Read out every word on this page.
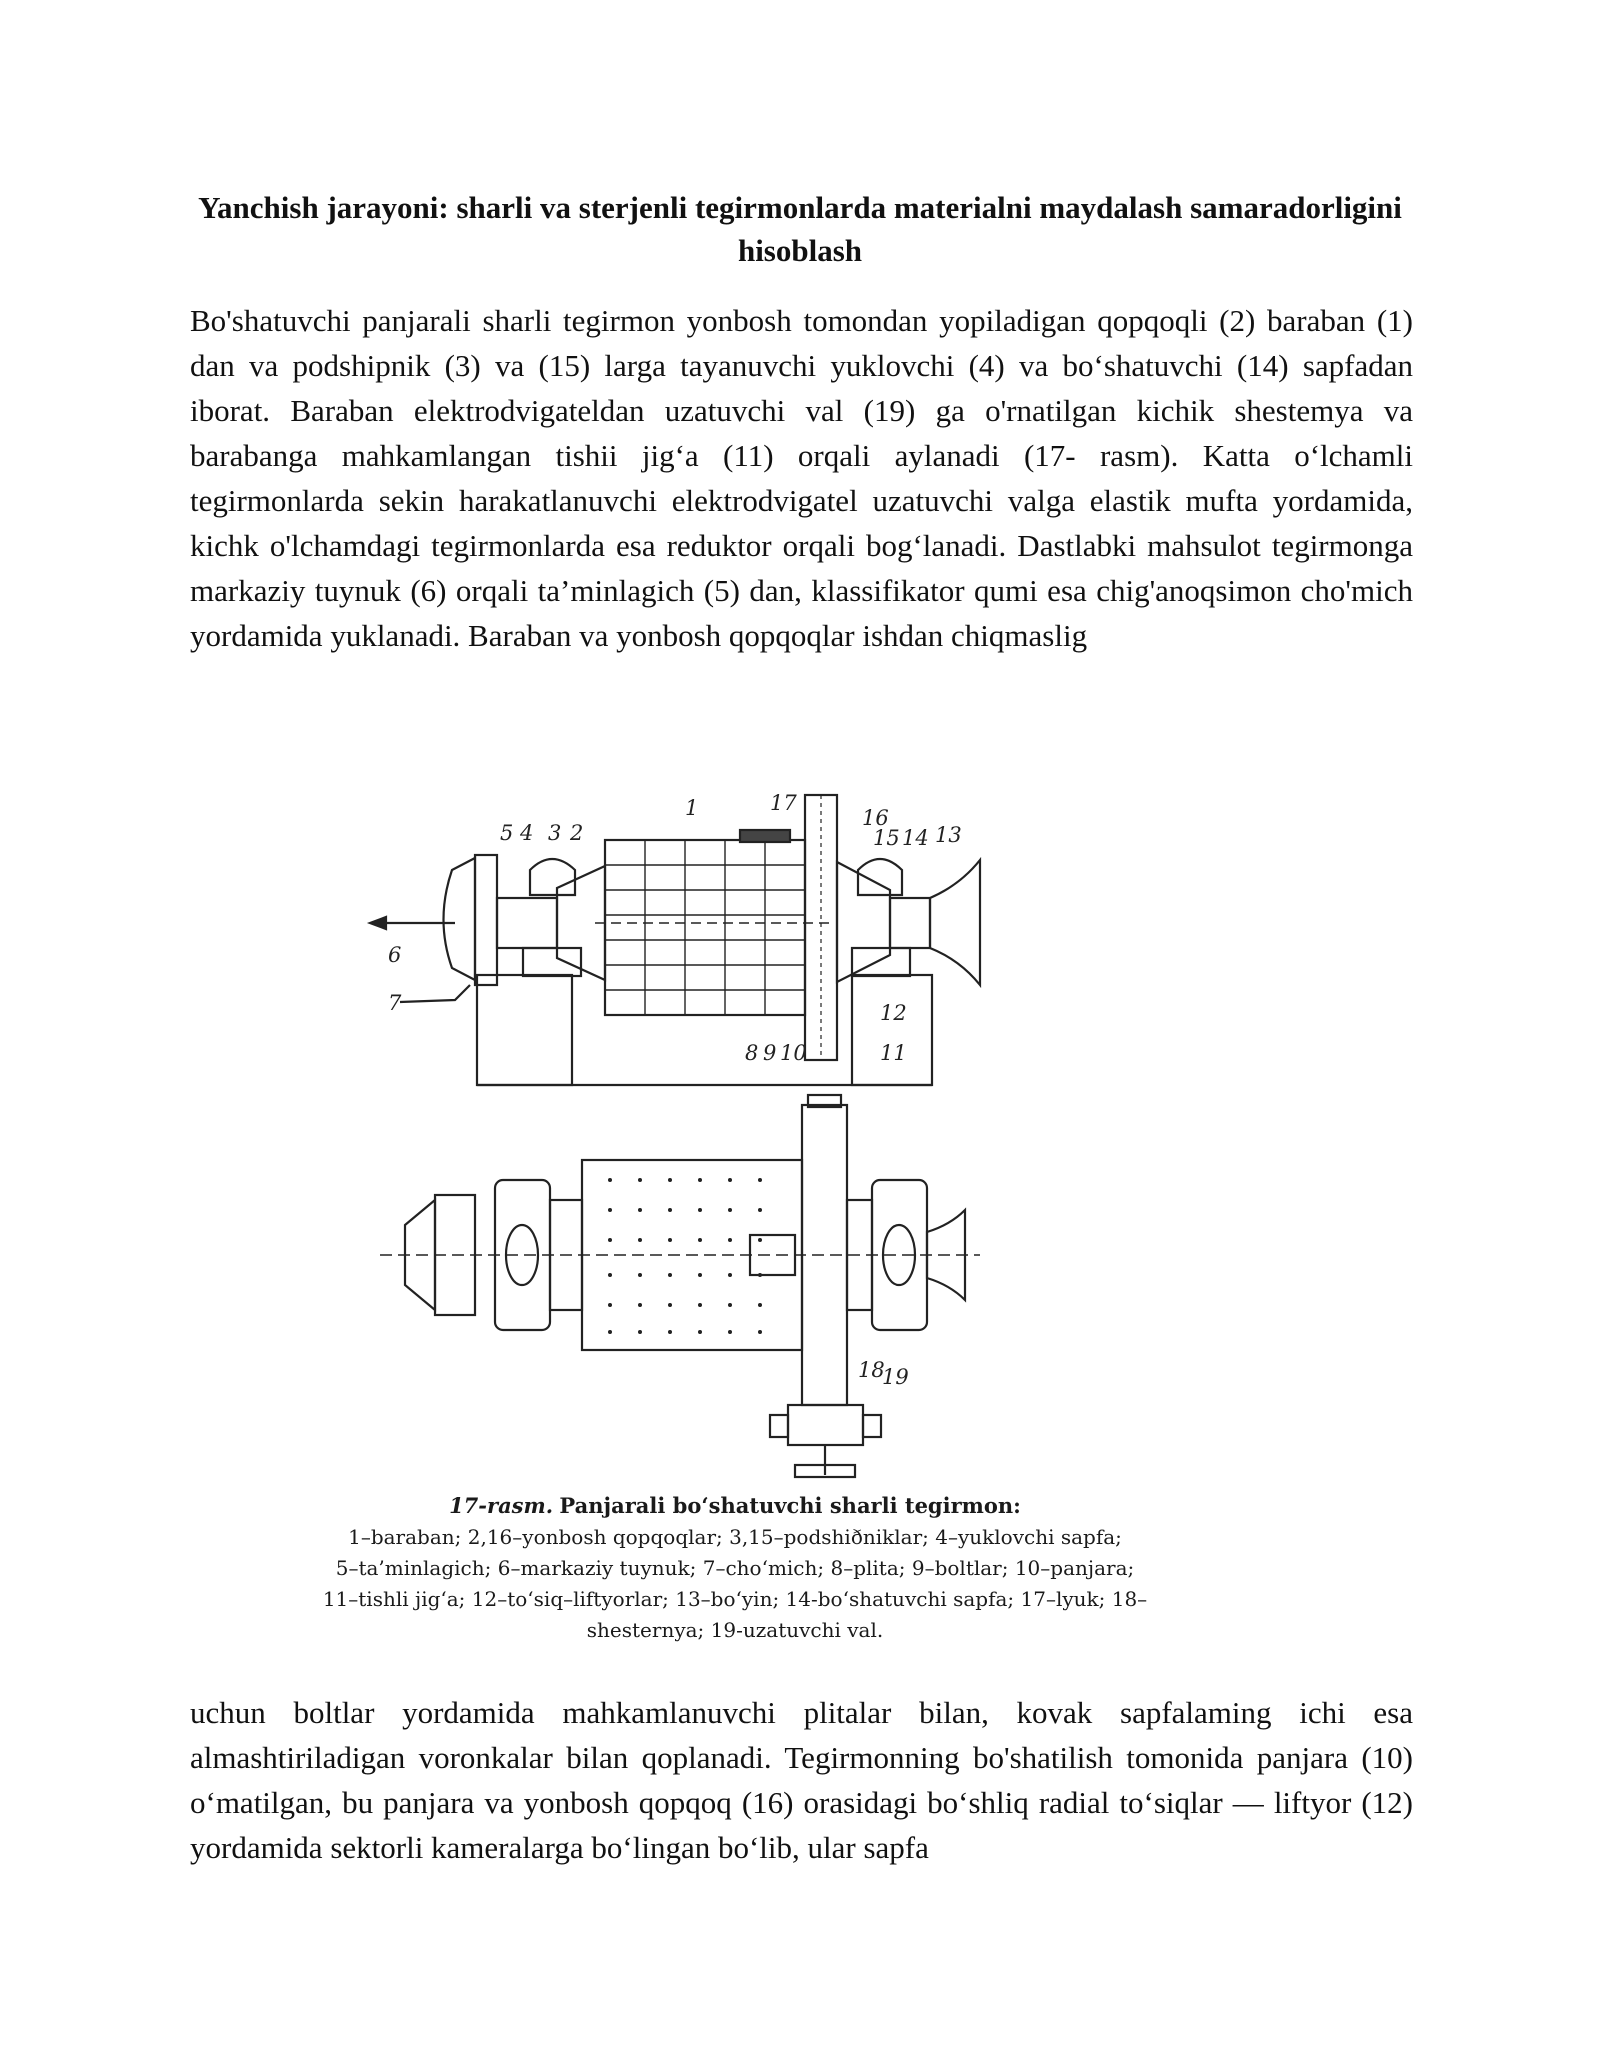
Yanchish jarayoni: sharli va sterjenli tegirmonlarda materialni maydalash samaradorligini hisoblash

Bo'shatuvchi panjarali sharli tegirmon yonbosh tomondan yopiladigan qopqoqli (2) baraban (1) dan va podshipnik (3) va (15) larga tayanuvchi yuklovchi (4) va bo‘shatuvchi (14) sapfadan iborat. Baraban elektrodvigateldan uzatuvchi val (19) ga o'rnatilgan kichik shestemya va barabanga mahkamlangan tishii jig‘a (11) orqali aylanadi (17- rasm). Katta o‘lchamli tegirmonlarda sekin harakatlanuvchi elektrodvigatel uzatuvchi valga elastik mufta yordamida, kichk o'lchamdagi tegirmonlarda esa reduktor orqali bog‘lanadi. Dastlabki mahsulot tegirmonga markaziy tuynuk (6) orqali ta’minlagich (5) dan, klassifikator qumi esa chig'anoqsimon cho'mich yordamida yuklanadi. Baraban va yonbosh qopqoqlar ishdan chiqmaslig

1	17
16
15 14 13
5 4 3 2
6
7	12
8 9 10	11
18
19
17-rasm. Panjarali bo‘shatuvchi sharli tegirmon:
1–baraban; 2,16–yonbosh qopqoqlar; 3,15–podshiðniklar; 4–yuklovchi sapfa;
5–ta’minlagich; 6–markaziy tuynuk; 7–cho‘mich; 8–plita; 9–boltlar; 10–panjara;
11–tishli jig‘a; 12–to‘siq–liftyorlar; 13–bo‘yin; 14-bo‘shatuvchi sapfa; 17–lyuk; 18–
shesternya; 19-uzatuvchi val.

uchun boltlar yordamida mahkamlanuvchi plitalar bilan, kovak sapfalaming ichi esa almashtiriladigan voronkalar bilan qoplanadi. Tegirmonning bo'shatilish tomonida panjara (10) o‘matilgan, bu panjara va yonbosh qopqoq (16) orasidagi bo‘shliq radial to‘siqlar — liftyor (12) yordamida sektorli kameralarga bo‘lingan bo‘lib, ular sapfa
